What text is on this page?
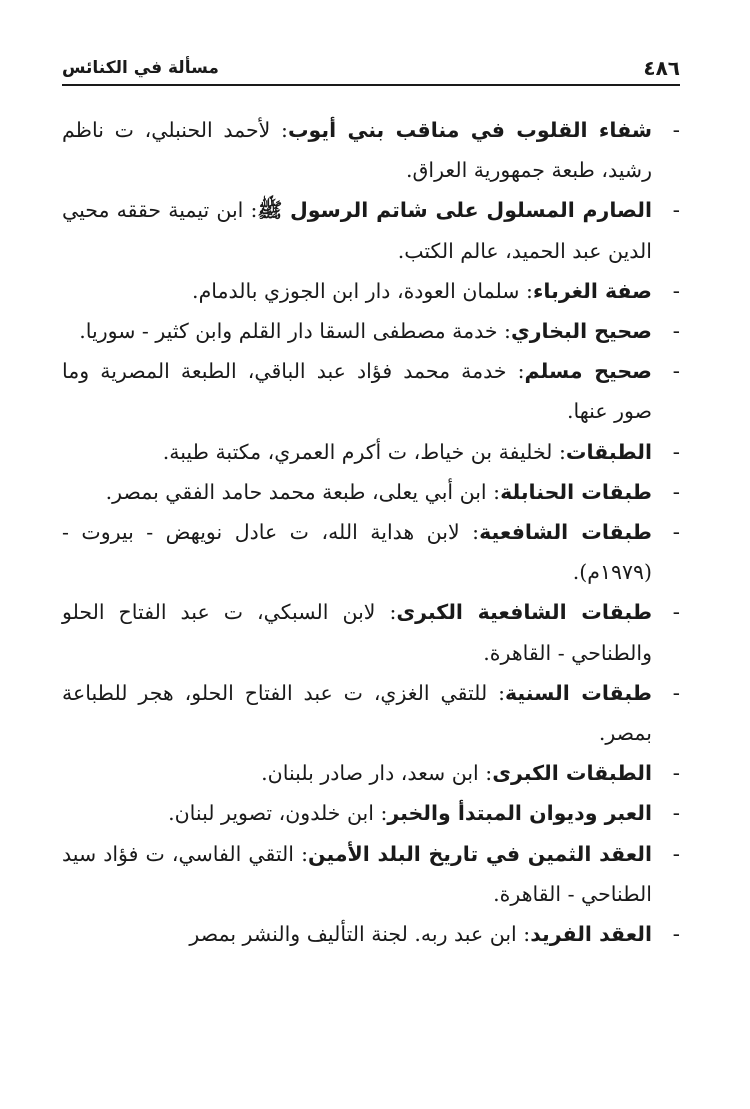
٤٨٦
مسألة في الكنائس
-
شفاء القلوب في مناقب بني أيوب: لأحمد الحنبلي، ت ناظم رشيد، طبعة جمهورية العراق.
-
الصارم المسلول على شاتم الرسول ﷺ: ابن تيمية حققه محيي الدين عبد الحميد، عالم الكتب.
-
صفة الغرباء: سلمان العودة، دار ابن الجوزي بالدمام.
-
صحيح البخاري: خدمة مصطفى السقا دار القلم وابن كثير - سوريا.
-
صحيح مسلم: خدمة محمد فؤاد عبد الباقي، الطبعة المصرية وما صور عنها.
-
الطبقات: لخليفة بن خياط، ت أكرم العمري، مكتبة طيبة.
-
طبقات الحنابلة: ابن أبي يعلى، طبعة محمد حامد الفقي بمصر.
-
طبقات الشافعية: لابن هداية الله، ت عادل نويهض - بيروت - (١٩٧٩م).
-
طبقات الشافعية الكبرى: لابن السبكي، ت عبد الفتاح الحلو والطناحي - القاهرة.
-
طبقات السنية: للتقي الغزي، ت عبد الفتاح الحلو، هجر للطباعة بمصر.
-
الطبقات الكبرى: ابن سعد، دار صادر بلبنان.
-
العبر وديوان المبتدأ والخبر: ابن خلدون، تصوير لبنان.
-
العقد الثمين في تاريخ البلد الأمين: التقي الفاسي، ت فؤاد سيد الطناحي - القاهرة.
-
العقد الفريد: ابن عبد ربه. لجنة التأليف والنشر بمصر
